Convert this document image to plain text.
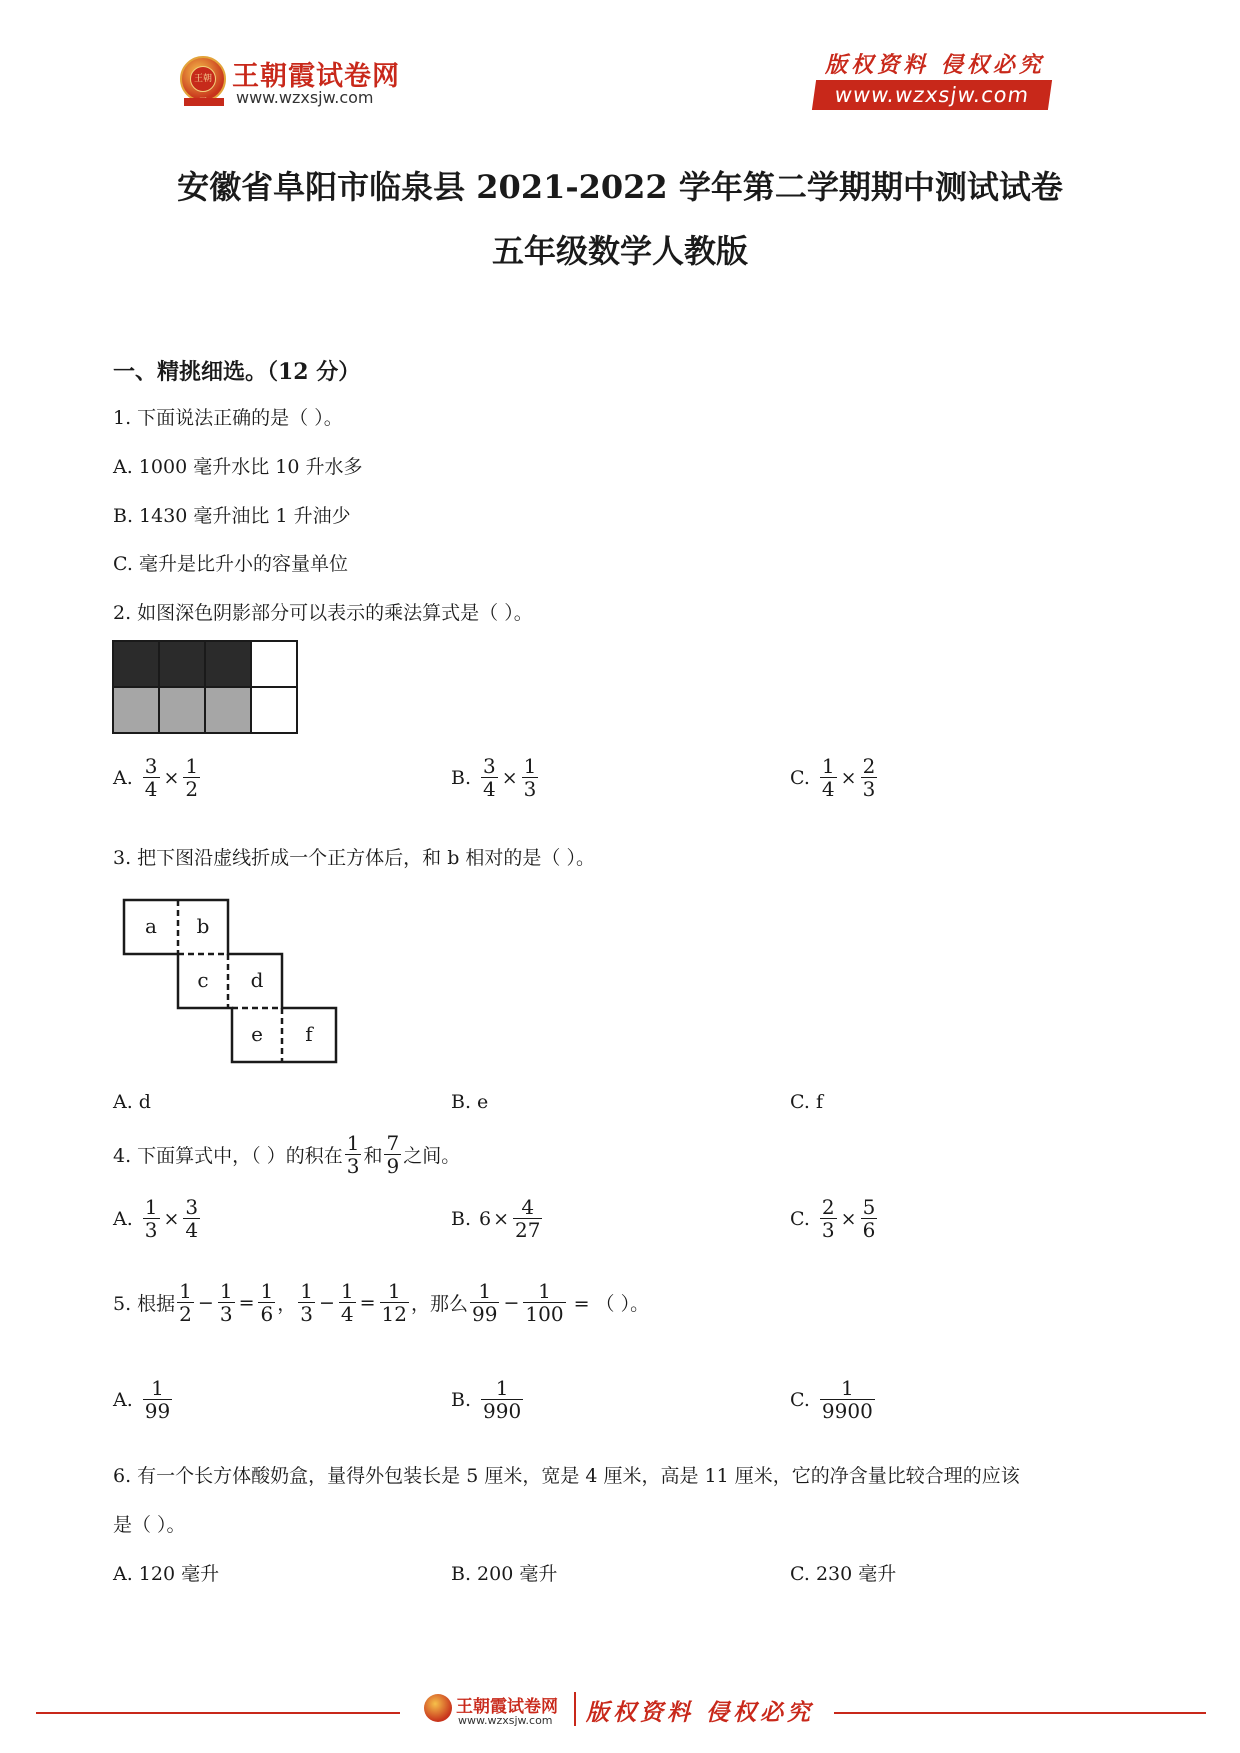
王朝 王朝霞试卷网
www.wzxsjw.com
版权资料 侵权必究
www.wzxsjw.com
安徽省阜阳市临泉县 2021-2022 学年第二学期期中测试试卷
五年级数学人教版
一、精挑细选。（12 分）
1. 下面说法正确的是（ ）。
A. 1000 毫升水比 10 升水多
B. 1430 毫升油比 1 升油少
C. 毫升是比升小的容量单位
2. 如图深色阴影部分可以表示的乘法算式是（ ）。
A. $\frac{3}{4} \times \frac{1}{2}$	B. $\frac{3}{4} \times \frac{1}{3}$	C. $\frac{1}{4} \times \frac{2}{3}$
3. 把下图沿虚线折成一个正方体后，和 b 相对的是（ ）。
a b
c d
e f
A. d	B. e	C. f
4. 下面算式中，（ ）的积在 $\frac{1}{3}$ 和 $\frac{7}{9}$ 之间。
A. $\frac{1}{3} \times \frac{3}{4}$	B. $6 \times \frac{4}{27}$	C. $\frac{2}{3} \times \frac{5}{6}$
5. 根据 $\frac{1}{2} - \frac{1}{3} = \frac{1}{6}$ ， $\frac{1}{3} - \frac{1}{4} = \frac{1}{12}$ ，那么 $\frac{1}{99} - \frac{1}{100}$ = （ ）。
A. $\frac{1}{99}$	B. $\frac{1}{990}$	C. $\frac{1}{9900}$
6. 有一个长方体酸奶盒，量得外包装长是 5 厘米，宽是 4 厘米，高是 11 厘米，它的净含量比较合理的应该
是（ ）。
A. 120 毫升	B. 200 毫升	C. 230 毫升
王朝霞试卷网
www.wzxsjw.com 版权资料 侵权必究
